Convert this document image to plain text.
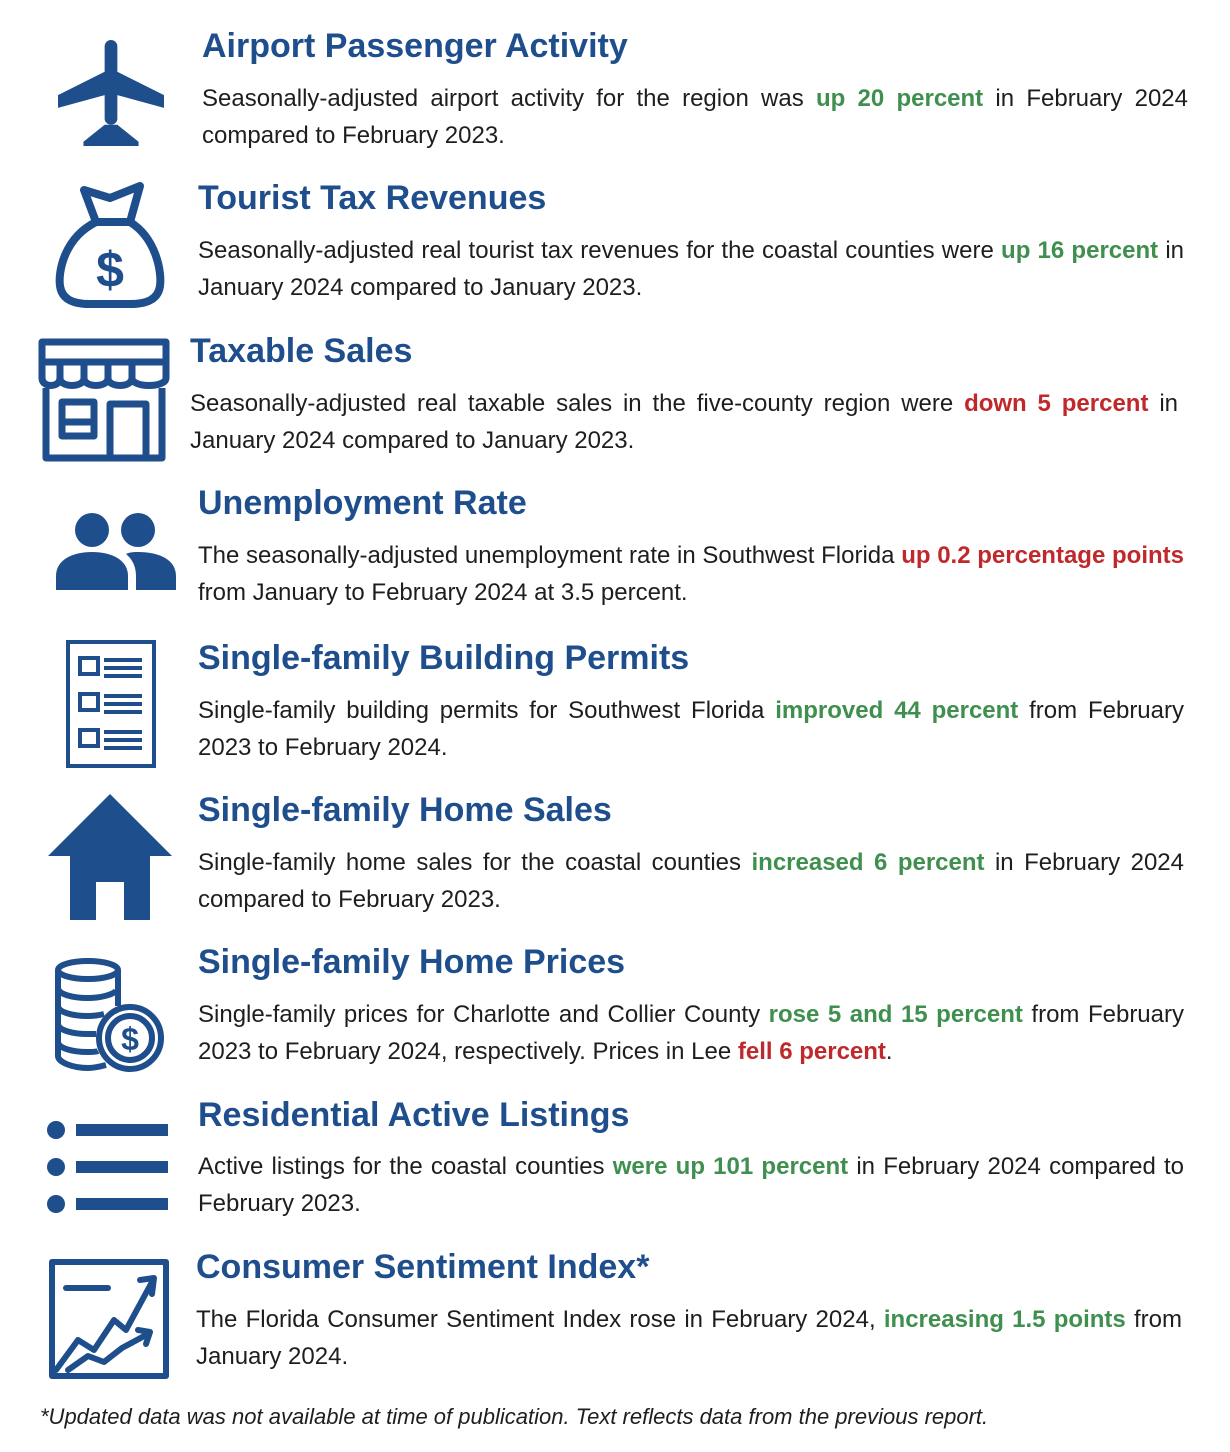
Airport Passenger Activity
Seasonally-adjusted airport activity for the region was up 20 percent in February 2024 compared to February 2023.
$
Tourist Tax Revenues
Seasonally-adjusted real tourist tax revenues for the coastal counties were up 16 percent in January 2024 compared to January 2023.
Taxable Sales
Seasonally-adjusted real taxable sales in the five-county region were down 5 percent in January 2024 compared to January 2023.
Unemployment Rate
The seasonally-adjusted unemployment rate in Southwest Florida up 0.2 percentage points from January to February 2024 at 3.5 percent.
Single-family Building Permits
Single-family building permits for Southwest Florida improved 44 percent from February 2023 to February 2024.
Single-family Home Sales
Single-family home sales for the coastal counties increased 6 percent in February 2024 compared to February 2023.
$
Single-family Home Prices
Single-family prices for Charlotte and Collier County rose 5 and 15 percent from February 2023 to February 2024, respectively. Prices in Lee fell 6 percent.
Residential Active Listings
Active listings for the coastal counties were up 101 percent in February 2024 compared to February 2023.
Consumer Sentiment Index*
The Florida Consumer Sentiment Index rose in February 2024, increasing 1.5 points from January 2024.
*Updated data was not available at time of publication. Text reflects data from the previous report.
